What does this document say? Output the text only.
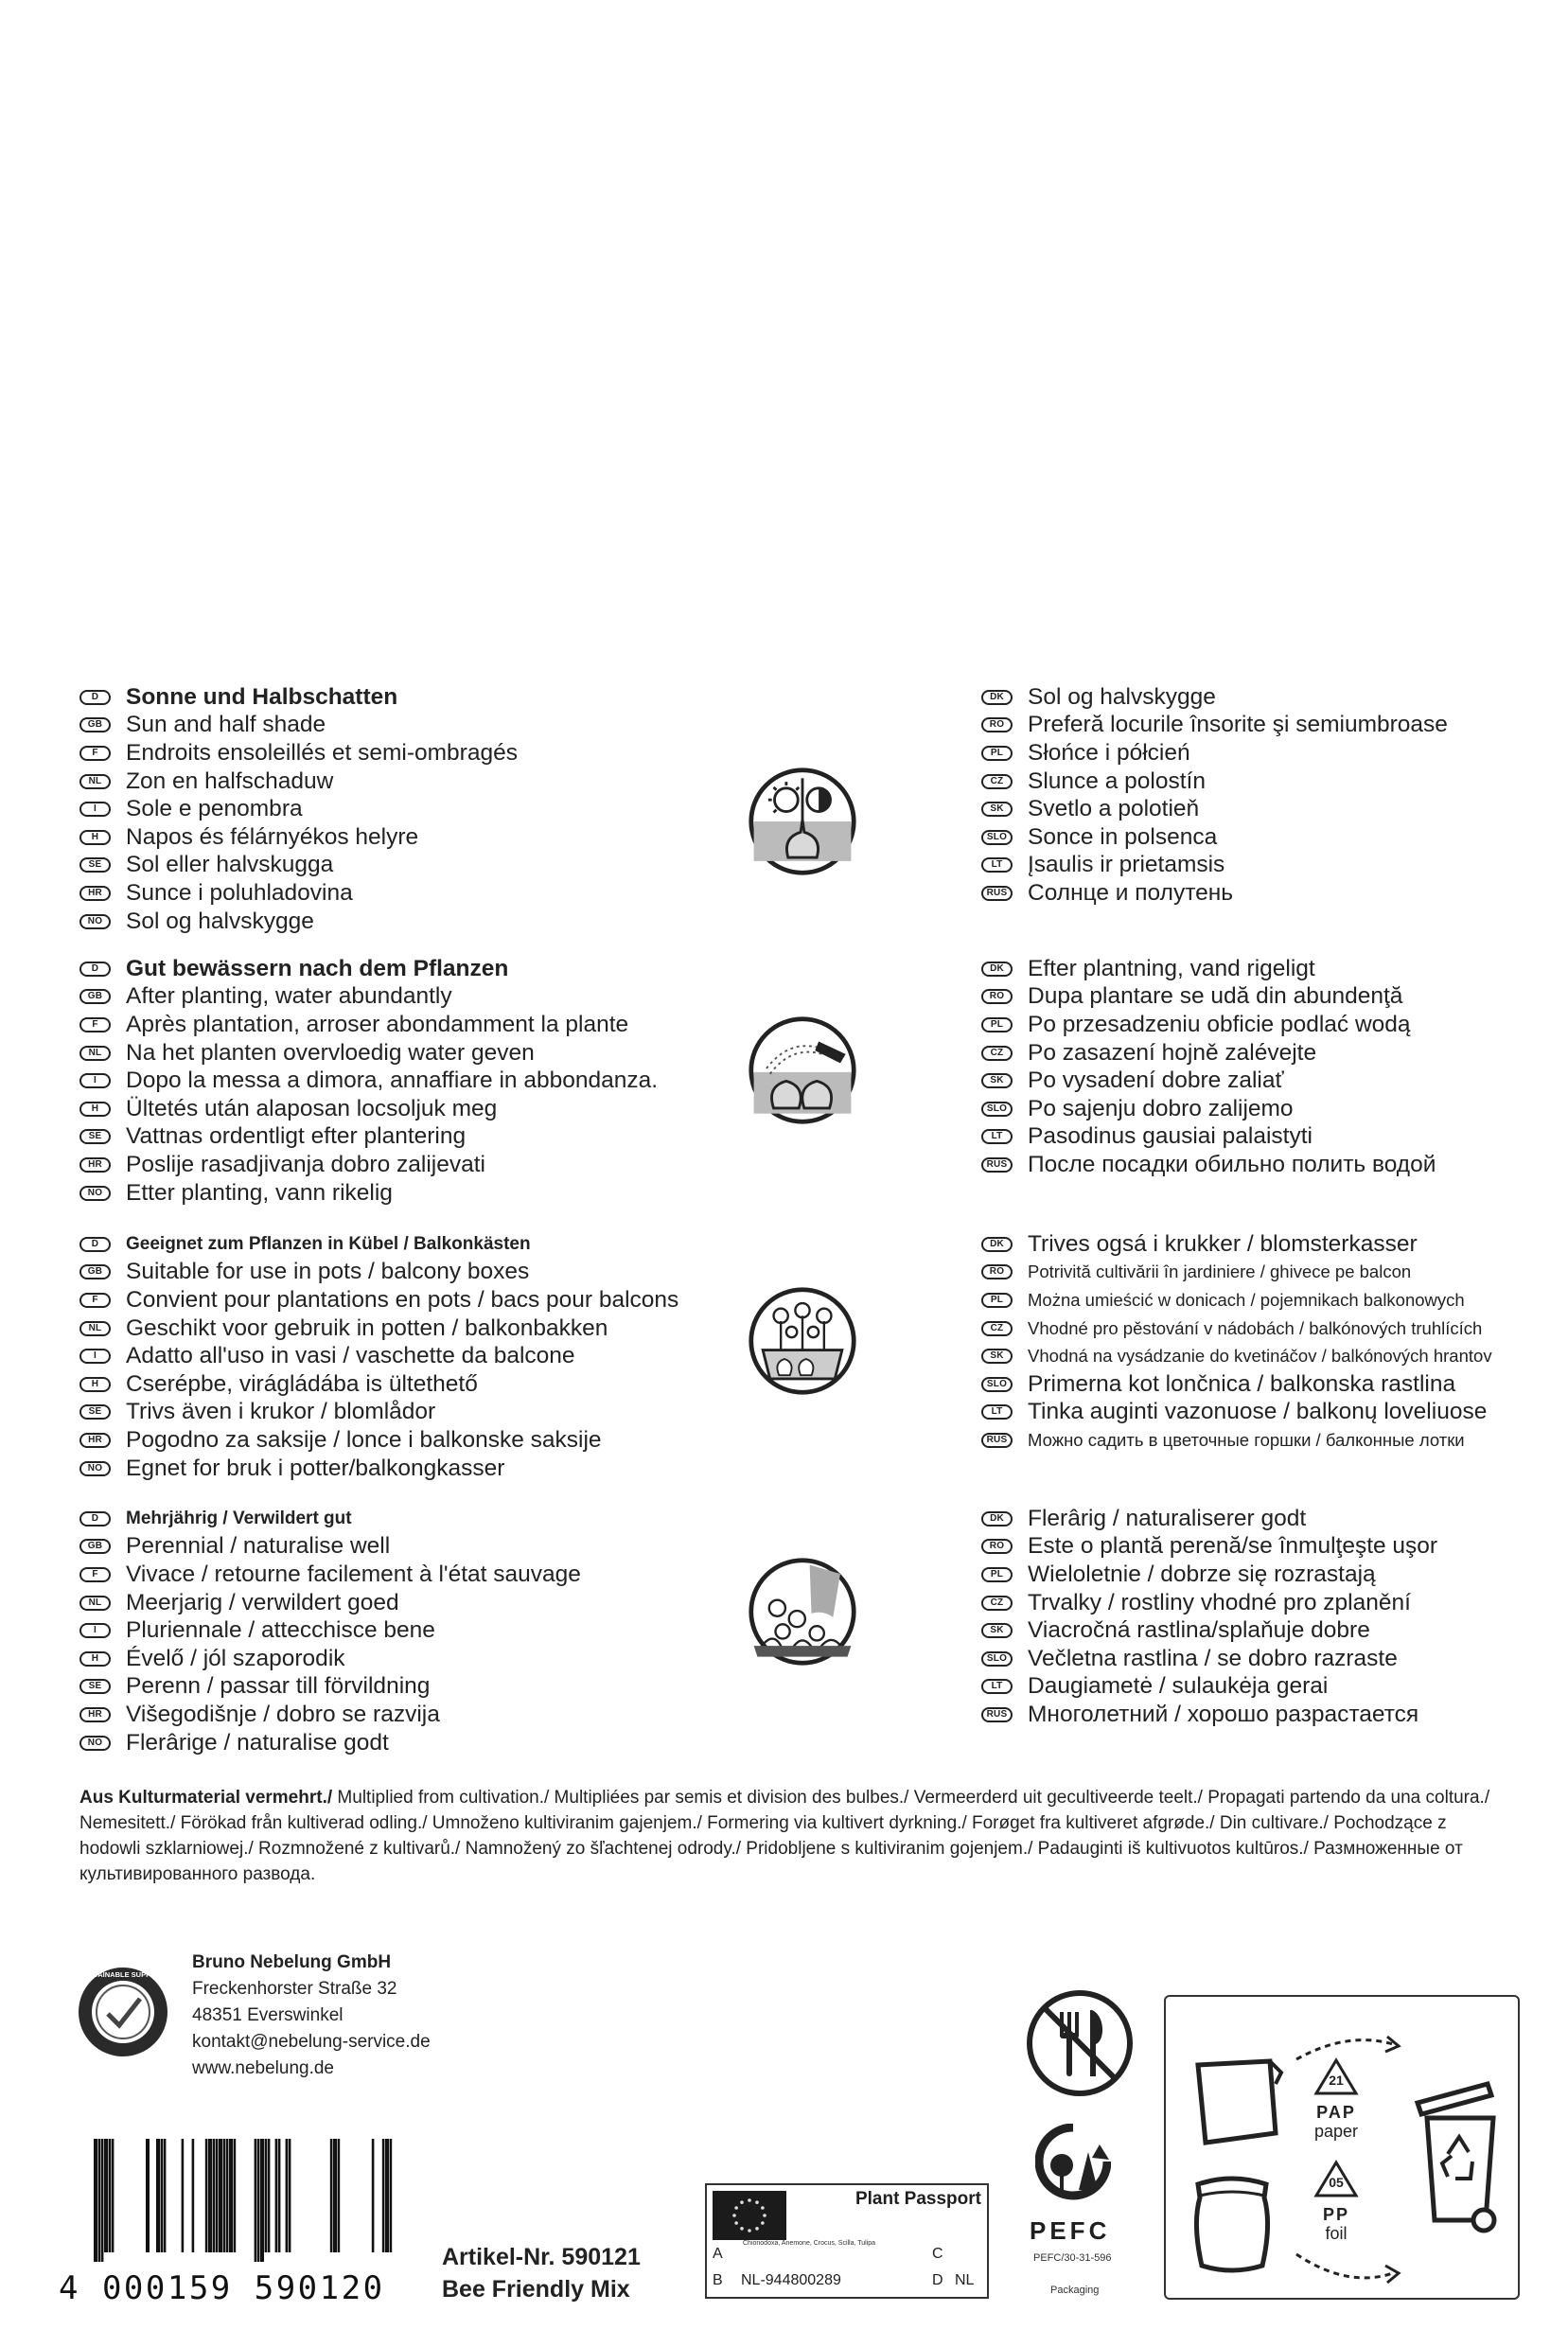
D	Sonne und Halbschatten
GB	Sun and half shade
F	Endroits ensoleillés et semi-ombragés
NL	Zon en halfschaduw
I	Sole e penombra
H	Napos és félárnyékos helyre
SE	Sol eller halvskugga
HR	Sunce i poluhladovina
NO	Sol og halvskygge
DK	Sol og halvskygge
RO	Preferă locurile însorite şi semiumbroase
PL	Słońce i półcień
CZ	Slunce a polostín
SK	Svetlo a polotieň
SLO Sonce in polsenca
LT	Įsaulis ir prietamsis
RUS Солнце и полутень
D	Gut bewässern nach dem Pflanzen
GB	After planting, water abundantly
F	Après plantation, arroser abondamment la plante
NL	Na het planten overvloedig water geven
I	Dopo la messa a dimora, annaffiare in abbondanza.
H	Ültetés után alaposan locsoljuk meg
SE	Vattnas ordentligt efter plantering
HR	Poslije rasadjivanja dobro zalijevati
NO	Etter planting, vann rikelig
DK	Efter plantning, vand rigeligt
RO	Dupa plantare se udă din abundenţă
PL	Po przesadzeniu obficie podlać wodą
CZ	Po zasazení hojně zalévejte
SK	Po vysadení dobre zaliať
SLO Po sajenju dobro zalijemo
LT	Pasodinus gausiai palaistyti
RUS После посадки обильно полить водой
D	Geeignet zum Pflanzen in Kübel / Balkonkästen
GB	Suitable for use in pots / balcony boxes
F	Convient pour plantations en pots / bacs pour balcons
NL	Geschikt voor gebruik in potten / balkonbakken
I	Adatto all'uso in vasi / vaschette da balcone
H	Cserépbe, virágládába is ültethető
SE	Trivs även i krukor / blomlådor
HR	Pogodno za saksije / lonce i balkonske saksije
NO	Egnet for bruk i potter/balkongkasser
DK	Trives ogsá i krukker / blomsterkasser
RO	Potrivită cultivării în jardiniere / ghivece pe balcon
PL	Można umieścić w donicach / pojemnikach balkonowych
CZ	Vhodné pro pěstování v nádobách / balkónových truhlících
SK	Vhodná na vysádzanie do kvetináčov / balkónových hrantov
SLO Primerna kot lončnica / balkonska rastlina
LT	Tinka auginti vazonuose / balkonų loveliuose
RUS	Можно садить в цветочные горшки / балконные лотки
D	Mehrjährig / Verwildert gut
GB	Perennial / naturalise well
F	Vivace / retourne facilement à l'état sauvage
NL	Meerjarig / verwildert goed
I	Pluriennale / attecchisce bene
H	Évelő / jól szaporodik
SE	Perenn / passar till förvildning
HR	Višegodišnje / dobro se razvija
NO	Flerârige / naturalise godt
DK	Flerârig / naturaliserer godt
RO	Este o plantă perenă/se înmulţeşte uşor
PL	Wieloletnie / dobrze się rozrastają
CZ	Trvalky / rostliny vhodné pro zplanění
SK	Viacročná rastlina/splaňuje dobre
SLO Večletna rastlina / se dobro razraste
LT	Daugiametė / sulaukėja gerai
RUS Многолетний / хорошо разрастается
Aus Kulturmaterial vermehrt./ Multiplied from cultivation./ Multipliées par semis et division des bulbes./ Vermeerderd uit gecultiveerde teelt./ Propagati partendo da una coltura./ Nemesitett./ Förökad från kultiverad odling./ Umnoženo kultiviranim gajenjem./ Formering via kultivert dyrkning./ Forøget fra kultiveret afgrøde./ Din cultivare./ Pochodzące z hodowli szklarniowej./ Rozmnožené z kultivarů./ Namnožený zo šľachtenej odrody./ Pridobljene s kultiviranim gojenjem./ Padauginti iš kultivuotos kultūros./ Размноженные от культивированного развода.
SUSTAINABLE SUPPLIER
Bruno Nebelung GmbH
Freckenhorster Straße 32
48351 Everswinkel
kontakt@nebelung-service.de
www.nebelung.de
4 000159 590120
Artikel-Nr. 590121
Bee Friendly Mix
Plant Passport
Chionodoxa, Anemone, Crocus, Scilla, Tulipa
A
B NL-944800289
C
D NL
PEFC
PEFC/30-31-596
Packaging
21
PAP
paper
05
PP
foil
